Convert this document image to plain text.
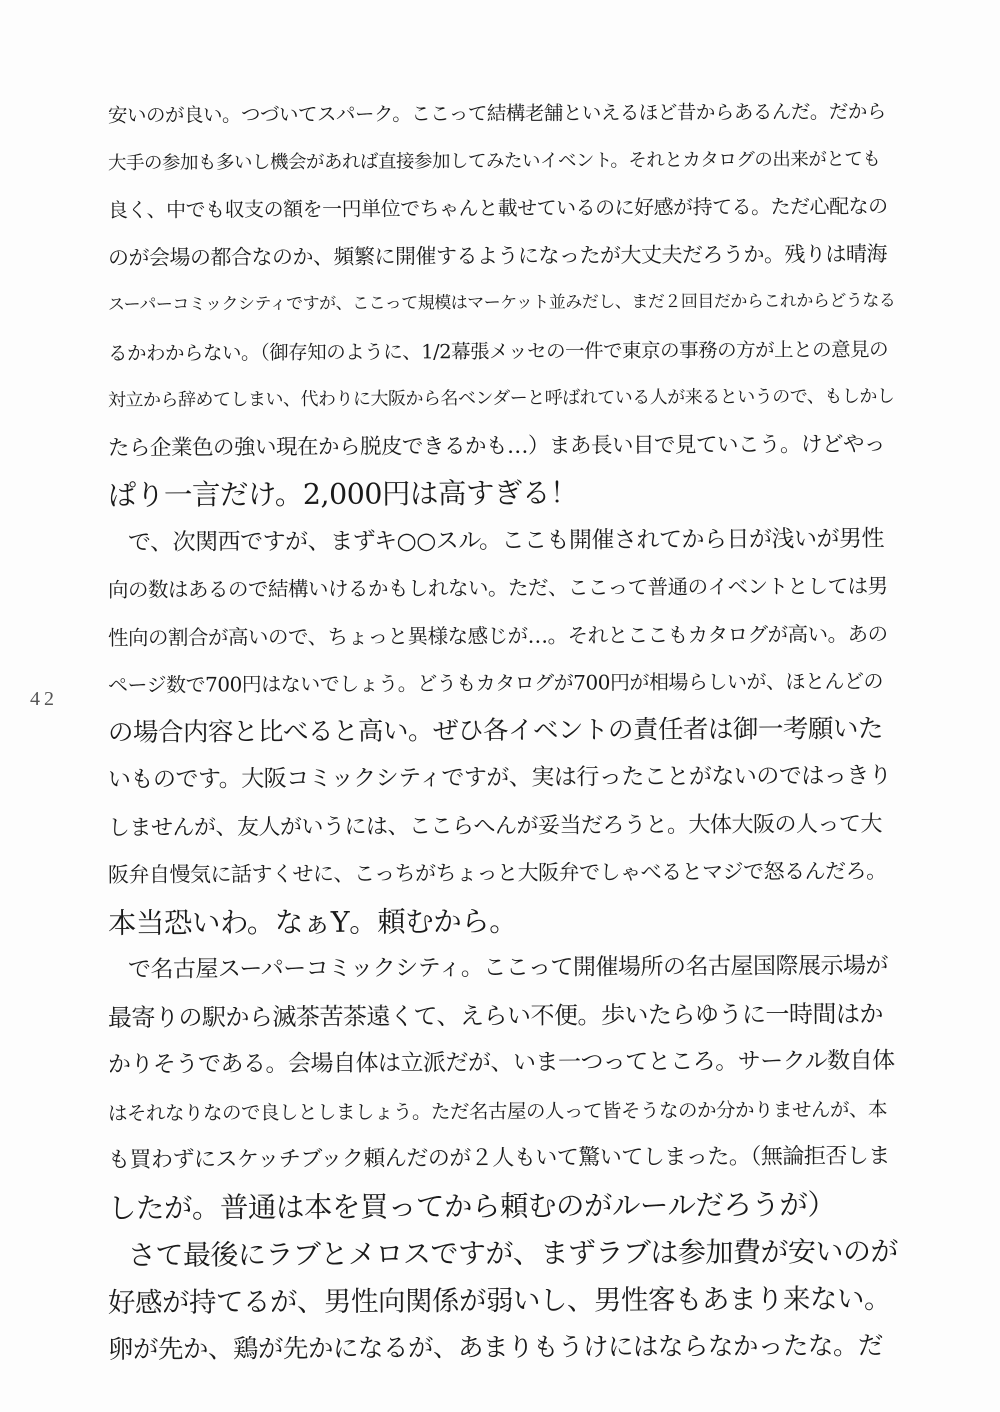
42
安いのが良い。つづいてスパーク。ここって結構老舗といえるほど昔からあるんだ。だから
大手の参加も多いし機会があれば直接参加してみたいイベント。それとカタログの出来がとても
良く、中でも収支の額を一円単位でちゃんと載せているのに好感が持てる。ただ心配なの
のが会場の都合なのか、頻繁に開催するようになったが大丈夫だろうか。残りは晴海
スーパーコミックシティですが、ここって規模はマーケット並みだし、まだ２回目だからこれからどうなる
るかわからない。（御存知のように、1/2幕張メッセの一件で東京の事務の方が上との意見の
対立から辞めてしまい、代わりに大阪から名ベンダーと呼ばれている人が来るというので、もしかし
たら企業色の強い現在から脱皮できるかも…）まあ長い目で見ていこう。けどやっ
ぱり一言だけ。2,000円は高すぎる！
で、次関西ですが、まずキ○○スル。ここも開催されてから日が浅いが男性
向の数はあるので結構いけるかもしれない。ただ、ここって普通のイベントとしては男
性向の割合が高いので、ちょっと異様な感じが…。それとここもカタログが高い。あの
ページ数で700円はないでしょう。どうもカタログが700円が相場らしいが、ほとんどの
の場合内容と比べると高い。ぜひ各イベントの責任者は御一考願いた
いものです。大阪コミックシティですが、実は行ったことがないのではっきり
しませんが、友人がいうには、ここらへんが妥当だろうと。大体大阪の人って大
阪弁自慢気に話すくせに、こっちがちょっと大阪弁でしゃべるとマジで怒るんだろ。
本当恐いわ。なぁY。頼むから。
で名古屋スーパーコミックシティ。ここって開催場所の名古屋国際展示場が
最寄りの駅から滅茶苦茶遠くて、えらい不便。歩いたらゆうに一時間はか
かりそうである。会場自体は立派だが、いま一つってところ。サークル数自体
はそれなりなので良しとしましょう。ただ名古屋の人って皆そうなのか分かりませんが、本
も買わずにスケッチブック頼んだのが２人もいて驚いてしまった。（無論拒否しま
したが。普通は本を買ってから頼むのがルールだろうが）
さて最後にラブとメロスですが、まずラブは参加費が安いのが
好感が持てるが、男性向関係が弱いし、男性客もあまり来ない。
卵が先か、鶏が先かになるが、あまりもうけにはならなかったな。だ
